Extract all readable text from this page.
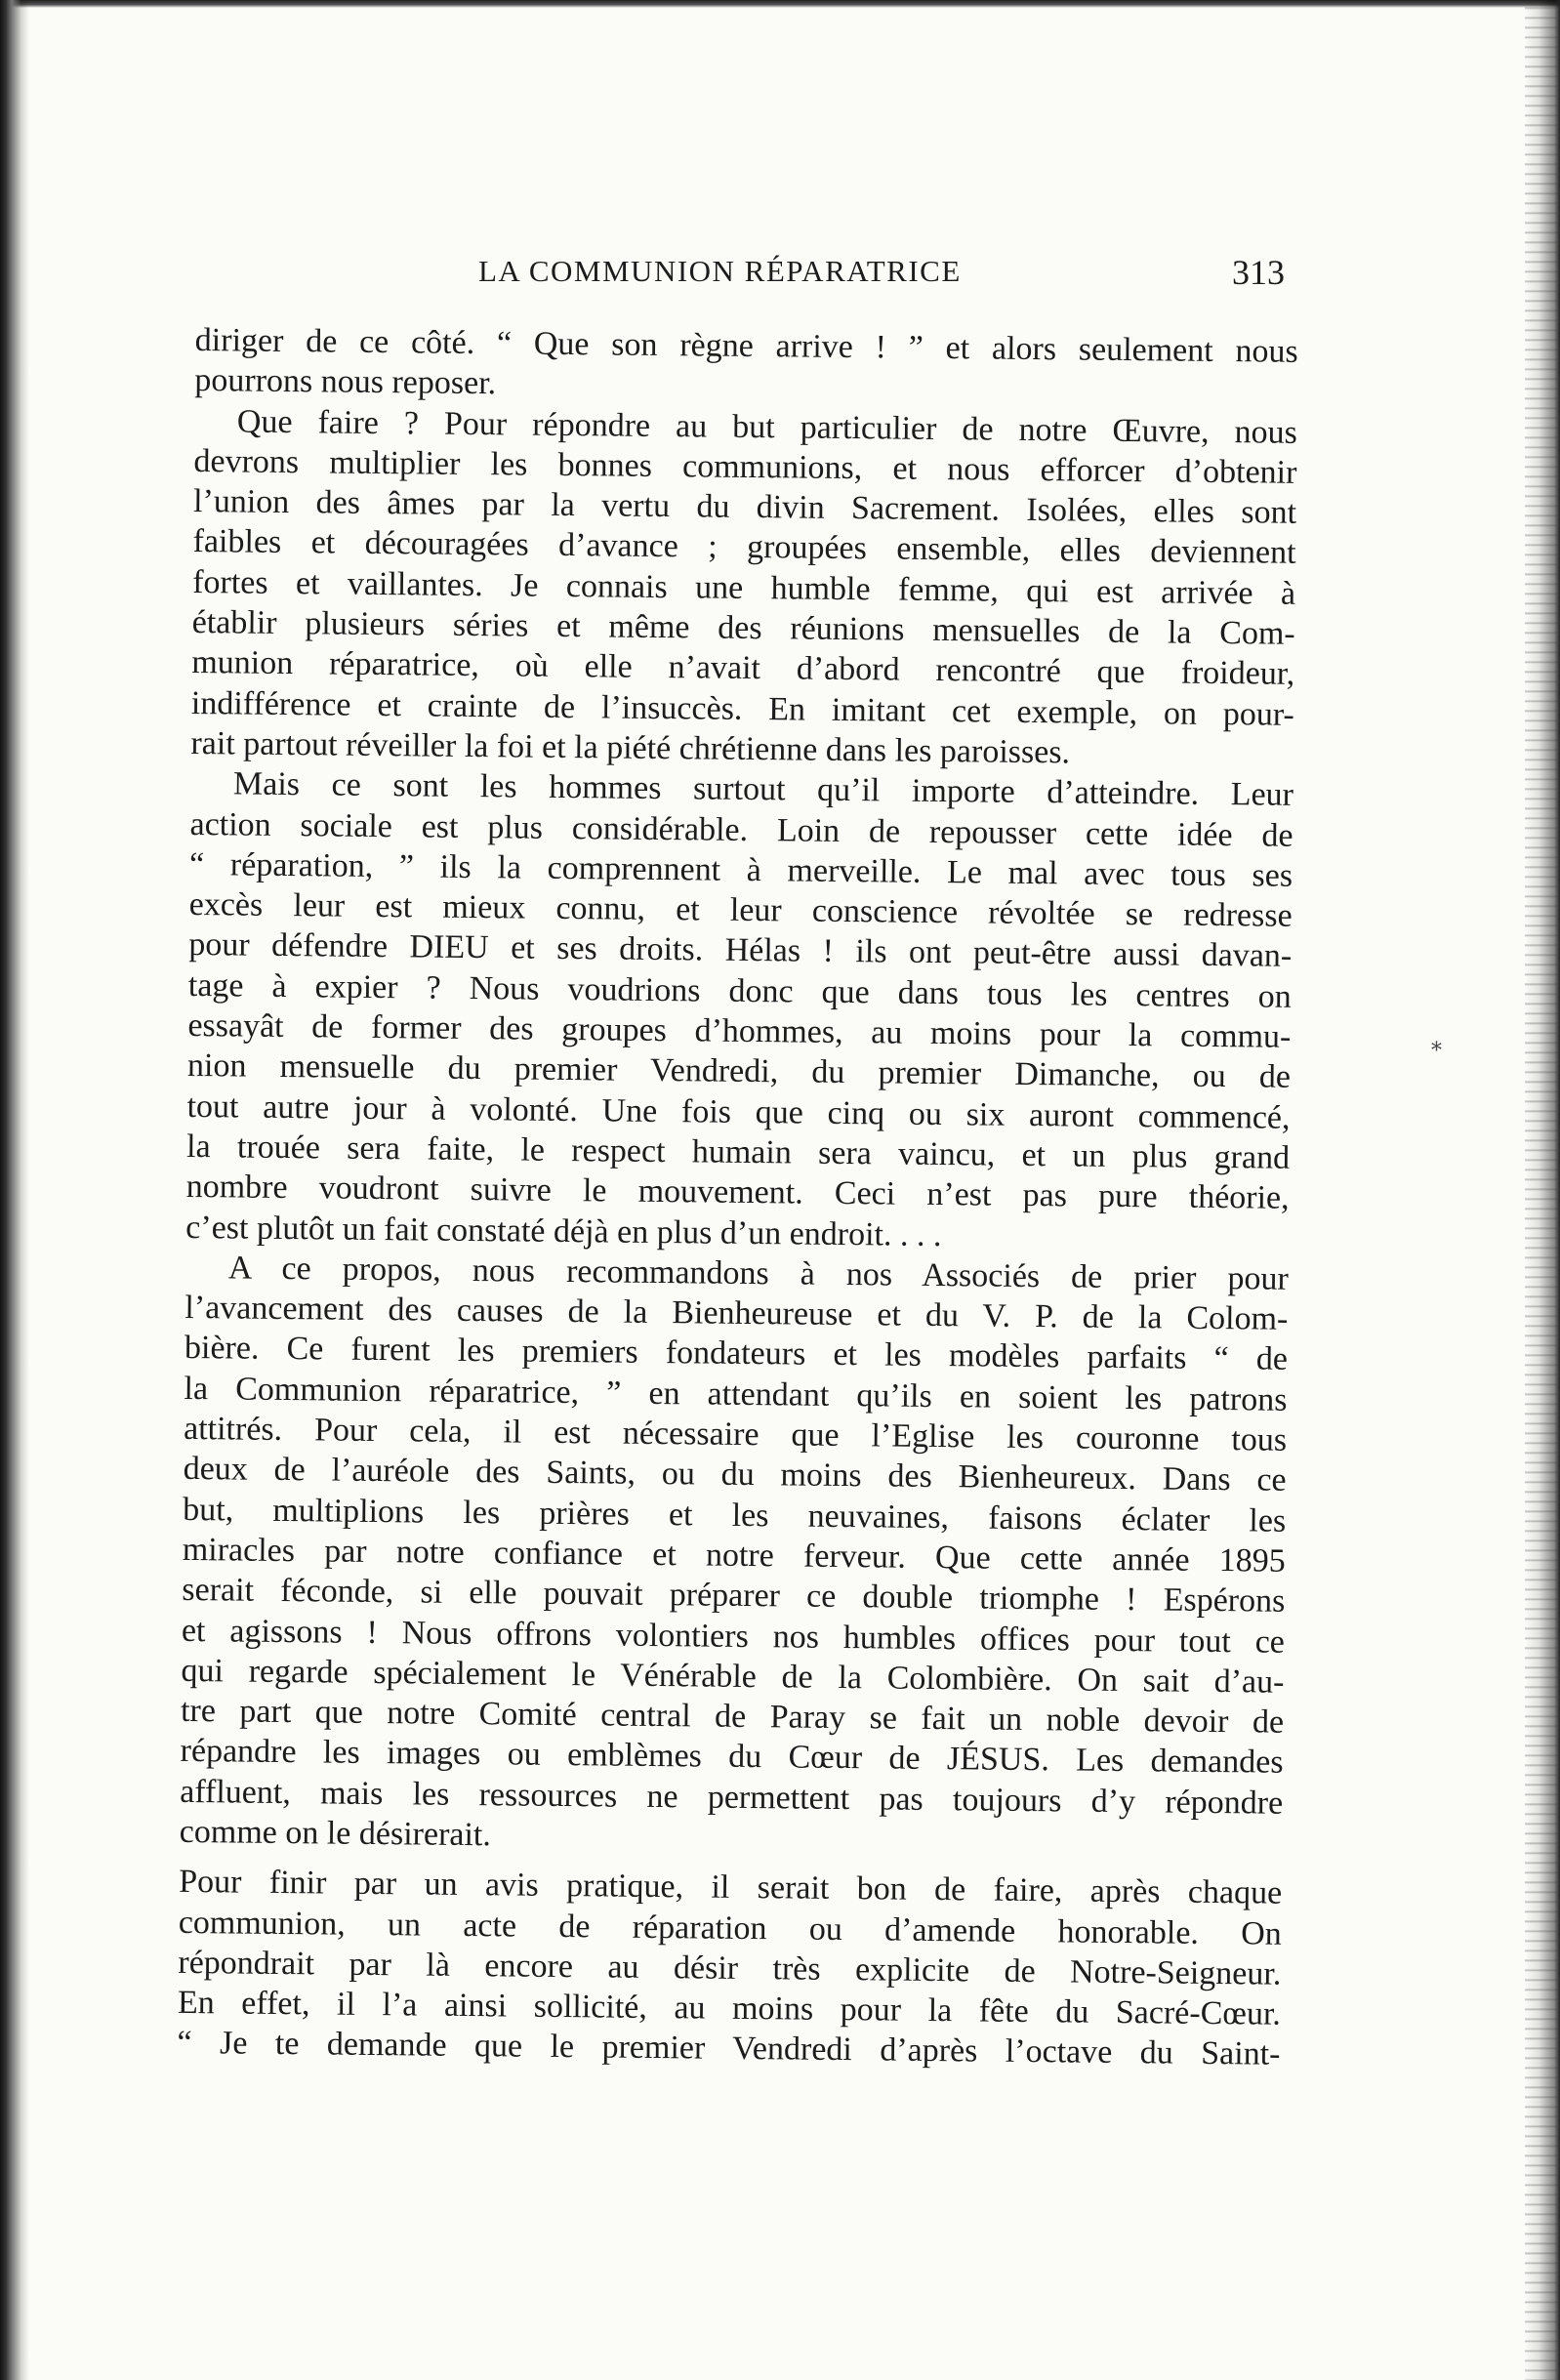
LA COMMUNION RÉPARATRICE	313
diriger de ce côté. “ Que son règne arrive ! ” et alors seulement nous
pourrons nous reposer.
Que faire ? Pour répondre au but particulier de notre Œuvre, nous
devrons multiplier les bonnes communions, et nous efforcer d’obtenir
l’union des âmes par la vertu du divin Sacrement. Isolées, elles sont
faibles et découragées d’avance ; groupées ensemble, elles deviennent
fortes et vaillantes. Je connais une humble femme, qui est arrivée à
établir plusieurs séries et même des réunions mensuelles de la Com-
munion réparatrice, où elle n’avait d’abord rencontré que froideur,
indifférence et crainte de l’insuccès. En imitant cet exemple, on pour-
rait partout réveiller la foi et la piété chrétienne dans les paroisses.
Mais ce sont les hommes surtout qu’il importe d’atteindre. Leur
action sociale est plus considérable. Loin de repousser cette idée de
“ réparation, ” ils la comprennent à merveille. Le mal avec tous ses
excès leur est mieux connu, et leur conscience révoltée se redresse
pour défendre DIEU et ses droits. Hélas ! ils ont peut-être aussi davan-
tage à expier ? Nous voudrions donc que dans tous les centres on
essayât de former des groupes d’hommes, au moins pour la commu-
nion mensuelle du premier Vendredi, du premier Dimanche, ou de
tout autre jour à volonté. Une fois que cinq ou six auront commencé,
la trouée sera faite, le respect humain sera vaincu, et un plus grand
nombre voudront suivre le mouvement. Ceci n’est pas pure théorie,
c’est plutôt un fait constaté déjà en plus d’un endroit. . . .
A ce propos, nous recommandons à nos Associés de prier pour
l’avancement des causes de la Bienheureuse et du V. P. de la Colom-
bière. Ce furent les premiers fondateurs et les modèles parfaits “ de
la Communion réparatrice, ” en attendant qu’ils en soient les patrons
attitrés. Pour cela, il est nécessaire que l’Eglise les couronne tous
deux de l’auréole des Saints, ou du moins des Bienheureux. Dans ce
but, multiplions les prières et les neuvaines, faisons éclater les
miracles par notre confiance et notre ferveur. Que cette année 1895
serait féconde, si elle pouvait préparer ce double triomphe ! Espérons
et agissons ! Nous offrons volontiers nos humbles offices pour tout ce
qui regarde spécialement le Vénérable de la Colombière. On sait d’au-
tre part que notre Comité central de Paray se fait un noble devoir de
répandre les images ou emblèmes du Cœur de JÉSUS. Les demandes
affluent, mais les ressources ne permettent pas toujours d’y répondre
comme on le désirerait.
Pour finir par un avis pratique, il serait bon de faire, après chaque
communion, un acte de réparation ou d’amende honorable. On
répondrait par là encore au désir très explicite de Notre-Seigneur.
En effet, il l’a ainsi sollicité, au moins pour la fête du Sacré-Cœur.
“ Je te demande que le premier Vendredi d’après l’octave du Saint-
⁎
